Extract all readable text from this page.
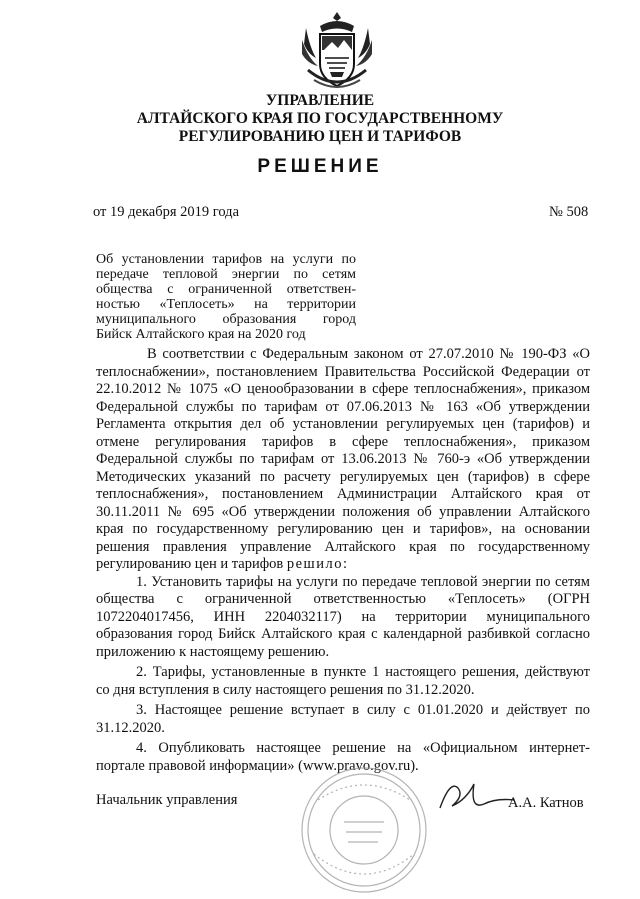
УПРАВЛЕНИЕ
АЛТАЙСКОГО КРАЯ ПО ГОСУДАРСТВЕННОМУ
РЕГУЛИРОВАНИЮ ЦЕН И ТАРИФОВ
РЕШЕНИЕ
от 19 декабря 2019 года	№ 508
Об установлении тарифов на услуги по
передаче тепловой энергии по сетям
общества с ограниченной ответствен-
ностью «Теплосеть» на территории
муниципального образования город
Бийск Алтайского края на 2020 год
В соответствии с Федеральным законом от 27.07.2010 № 190-ФЗ «О
теплоснабжении», постановлением Правительства Российской Федерации от
22.10.2012 № 1075 «О ценообразовании в сфере теплоснабжения», приказом
Федеральной службы по тарифам от 07.06.2013 № 163 «Об утверждении
Регламента открытия дел об установлении регулируемых цен (тарифов) и
отмене регулирования тарифов в сфере теплоснабжения», приказом
Федеральной службы по тарифам от 13.06.2013 № 760-э «Об утверждении
Методических указаний по расчету регулируемых цен (тарифов) в сфере
теплоснабжения», постановлением Администрации Алтайского края от
30.11.2011 № 695 «Об утверждении положения об управлении Алтайского
края по государственному регулированию цен и тарифов», на основании
решения правления управление Алтайского края по государственному
регулированию цен и тарифов решило:
1. Установить тарифы на услуги по передаче тепловой энергии по сетям
общества с ограниченной ответственностью «Теплосеть» (ОГРН
1072204017456, ИНН 2204032117) на территории муниципального
образования город Бийск Алтайского края с календарной разбивкой согласно
приложению к настоящему решению.
2. Тарифы, установленные в пункте 1 настоящего решения, действуют
со дня вступления в силу настоящего решения по 31.12.2020.
3. Настоящее решение вступает в силу с 01.01.2020 и действует по
31.12.2020.
4. Опубликовать настоящее решение на «Официальном интернет-
портале правовой информации» (www.pravo.gov.ru).
Начальник управления	А.А. Катнов
